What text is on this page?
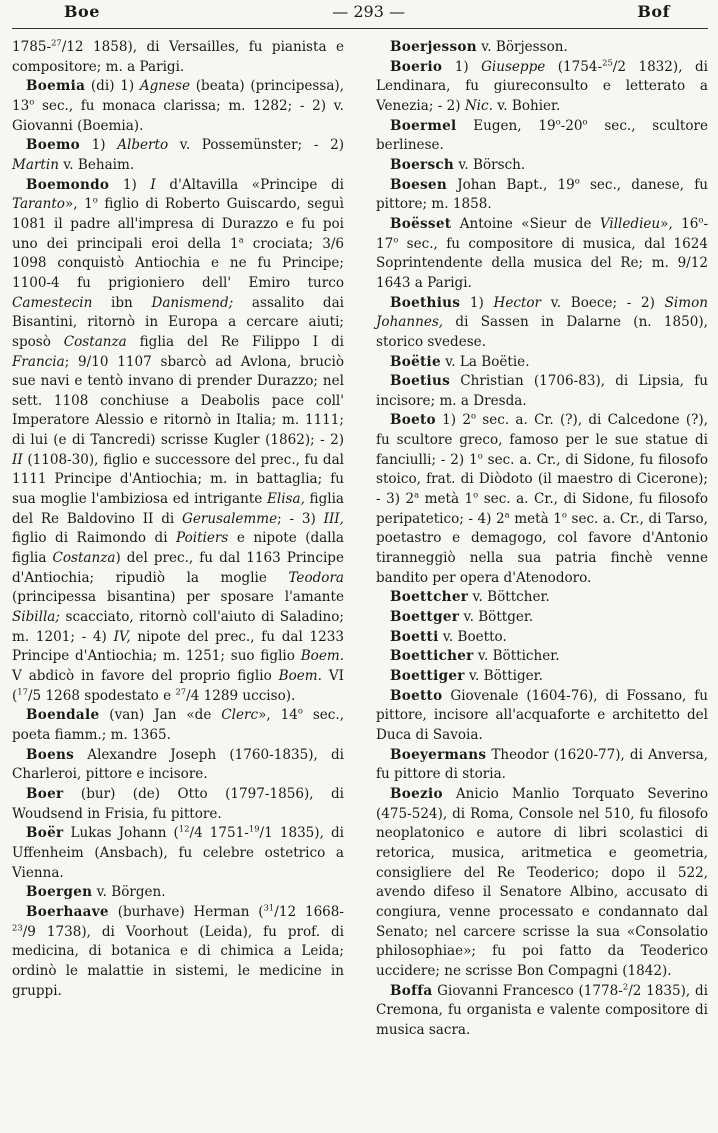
Boe	— 293 —	Bof

1785-$^{27}$/12 1858), di Versailles, fu pianista e compositore; m. a Parigi.

Boemia (di) 1) Agnese (beata) (principessa), 13$^o$ sec., fu monaca clarissa; m. 1282; - 2) v. Giovanni (Boemia).

Boemo 1) Alberto v. Possemünster; - 2) Martin v. Behaim.

Boemondo 1) I d'Altavilla «Principe di Taranto», 1$^o$ figlio di Roberto Guiscardo, seguì 1081 il padre all'impresa di Durazzo e fu poi uno dei principali eroi della 1$^a$ crociata; 3/6 1098 conquistò Antiochia e ne fu Principe; 1100-4 fu prigioniero dell' Emiro turco Camestecin ibn Danismend; assalito dai Bisantini, ritornò in Europa a cercare aiuti; sposò Costanza figlia del Re Filippo I di Francia; 9/10 1107 sbarcò ad Avlona, bruciò sue navi e tentò invano di prender Durazzo; nel sett. 1108 conchiuse a Deabolis pace coll' Imperatore Alessio e ritornò in Italia; m. 1111; di lui (e di Tancredi) scrisse Kugler (1862); - 2) II (1108-30), figlio e successore del prec., fu dal 1111 Principe d'Antiochia; m. in battaglia; fu sua moglie l'ambiziosa ed intrigante Elisa, figlia del Re Baldovino II di Gerusalemme; - 3) III, figlio di Raimondo di Poitiers e nipote (dalla figlia Costanza) del prec., fu dal 1163 Principe d'Antiochia; ripudiò la moglie Teodora (principessa bisantina) per sposare l'amante Sibilla; scacciato, ritornò coll'aiuto di Saladino; m. 1201; - 4) IV, nipote del prec., fu dal 1233 Principe d'Antiochia; m. 1251; suo figlio Boem. V abdicò in favore del proprio figlio Boem. VI ($^{17}$/5 1268 spodestato e $^{27}$/4 1289 ucciso).

Boendale (van) Jan «de Clerc», 14$^o$ sec., poeta fiamm.; m. 1365.

Boens Alexandre Joseph (1760-1835), di Charleroi, pittore e incisore.

Boer (bur) (de) Otto (1797-1856), di Woudsend in Frisia, fu pittore.

Boër Lukas Johann ($^{12}$/4 1751-$^{19}$/1 1835), di Uffenheim (Ansbach), fu celebre ostetrico a Vienna.

Boergen v. Börgen.

Boerhaave (burhave) Herman ($^{31}$/12 1668-$^{23}$/9 1738), di Voorhout (Leida), fu prof. di medicina, di botanica e di chimica a Leida; ordinò le malattie in sistemi, le medicine in gruppi.

Boerjesson v. Börjesson.

Boerio 1) Giuseppe (1754-$^{25}$/2 1832), di Lendinara, fu giureconsulto e letterato a Venezia; - 2) Nic. v. Bohier.

Boermel Eugen, 19$^o$-20$^o$ sec., scultore berlinese.

Boersch v. Börsch.

Boesen Johan Bapt., 19$^o$ sec., danese, fu pittore; m. 1858.

Boësset Antoine «Sieur de Villedieu», 16$^o$-17$^o$ sec., fu compositore di musica, dal 1624 Soprintendente della musica del Re; m. 9/12 1643 a Parigi.

Boethius 1) Hector v. Boece; - 2) Simon Johannes, di Sassen in Dalarne (n. 1850), storico svedese.

Boëtie v. La Boëtie.

Boetius Christian (1706-83), di Lipsia, fu incisore; m. a Dresda.

Boeto 1) 2$^o$ sec. a. Cr. (?), di Calcedone (?), fu scultore greco, famoso per le sue statue di fanciulli; - 2) 1$^o$ sec. a. Cr., di Sidone, fu filosofo stoico, frat. di Diòdoto (il maestro di Cicerone); - 3) 2$^a$ metà 1$^o$ sec. a. Cr., di Sidone, fu filosofo peripatetico; - 4) 2$^a$ metà 1$^o$ sec. a. Cr., di Tarso, poetastro e demagogo, col favore d'Antonio tiranneggiò nella sua patria finchè venne bandito per opera d'Atenodoro.

Boettcher v. Böttcher.

Boettger v. Böttger.

Boetti v. Boetto.

Boetticher v. Bötticher.

Boettiger v. Böttiger.

Boetto Giovenale (1604-76), di Fossano, fu pittore, incisore all'acquaforte e architetto del Duca di Savoia.

Boeyermans Theodor (1620-77), di Anversa, fu pittore di storia.

Boezio Anicio Manlio Torquato Severino (475-524), di Roma, Console nel 510, fu filosofo neoplatonico e autore di libri scolastici di retorica, musica, aritmetica e geometria, consigliere del Re Teoderico; dopo il 522, avendo difeso il Senatore Albino, accusato di congiura, venne processato e condannato dal Senato; nel carcere scrisse la sua «Consolatio philosophiae»; fu poi fatto da Teoderico uccidere; ne scrisse Bon Compagni (1842).

Boffa Giovanni Francesco (1778-$^2$/2 1835), di Cremona, fu organista e valente compositore di musica sacra.
